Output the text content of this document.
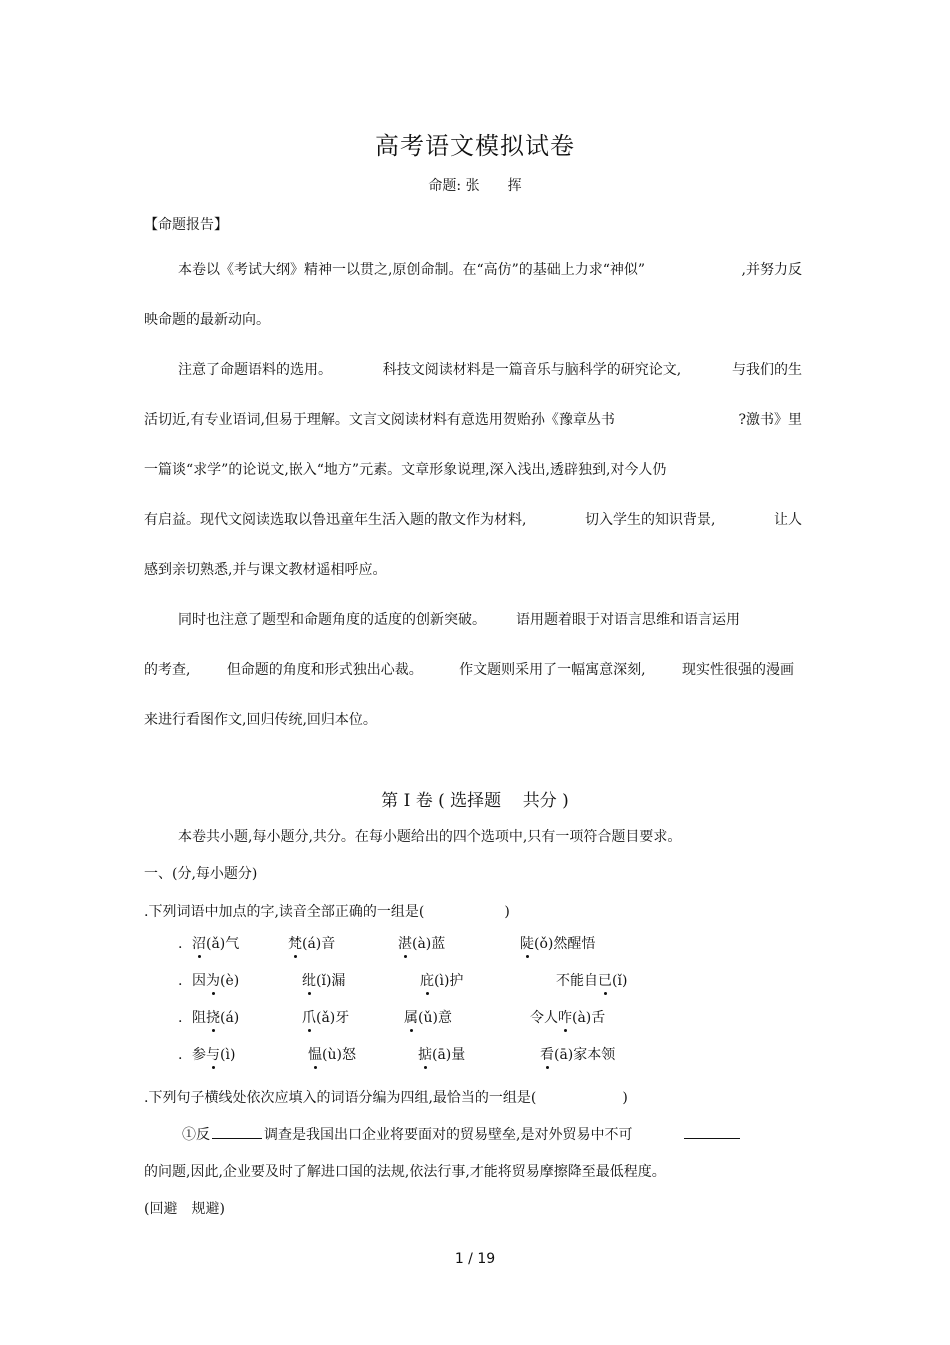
高考语文模拟试卷
命题: 张 挥
【命题报告】
本卷以《考试大纲》精神一以贯之,原创命制。在“高仿”的基础上力求“神似”	,并努力反
映命题的最新动向。
注意了命题语料的选用。	科技文阅读材料是一篇音乐与脑科学的研究论文,	与我们的生
活切近,有专业语词,但易于理解。文言文阅读材料有意选用贺贻孙《豫章丛书	?激书》里
一篇谈“求学”的论说文,嵌入“地方”元素。文章形象说理,深入浅出,透辟独到,对今人仍
有启益。现代文阅读选取以鲁迅童年生活入题的散文作为材料,	切入学生的知识背景,	让人
感到亲切熟悉,并与课文教材遥相呼应。
同时也注意了题型和命题角度的适度的创新突破。 语用题着眼于对语言思维和语言运用
的考查,	但命题的角度和形式独出心裁。	作文题则采用了一幅寓意深刻,	现实性很强的漫画
来进行看图作文,回归传统,回归本位。
第 I 卷 ( 选择题 共分 )
本卷共小题,每小题分,共分。在每小题给出的四个选项中,只有一项符合题目要求。
一、(分,每小题分)
.下列词语中加点的字,读音全部正确的一组是(	)
. 沼(ǎ)气	梵(á)音	湛(à)蓝	陡(ǒ)然醒悟
. 因为(è)	纰(ǐ)漏	庇(ì)护	不能自已(ǐ)
. 阻挠(á)	爪(ǎ)牙	属(ǔ)意	令人咋(à)舌
. 参与(ì)	愠(ù)怒	掂(ā)量	看(ā)家本领
.下列句子横线处依次应填入的词语分编为四组,最恰当的一组是(	)
①反	调查是我国出口企业将要面对的贸易壁垒,是对外贸易中不可
的问题,因此,企业要及时了解进口国的法规,依法行事,才能将贸易摩擦降至最低程度。
(回避　规避)
1 / 19
